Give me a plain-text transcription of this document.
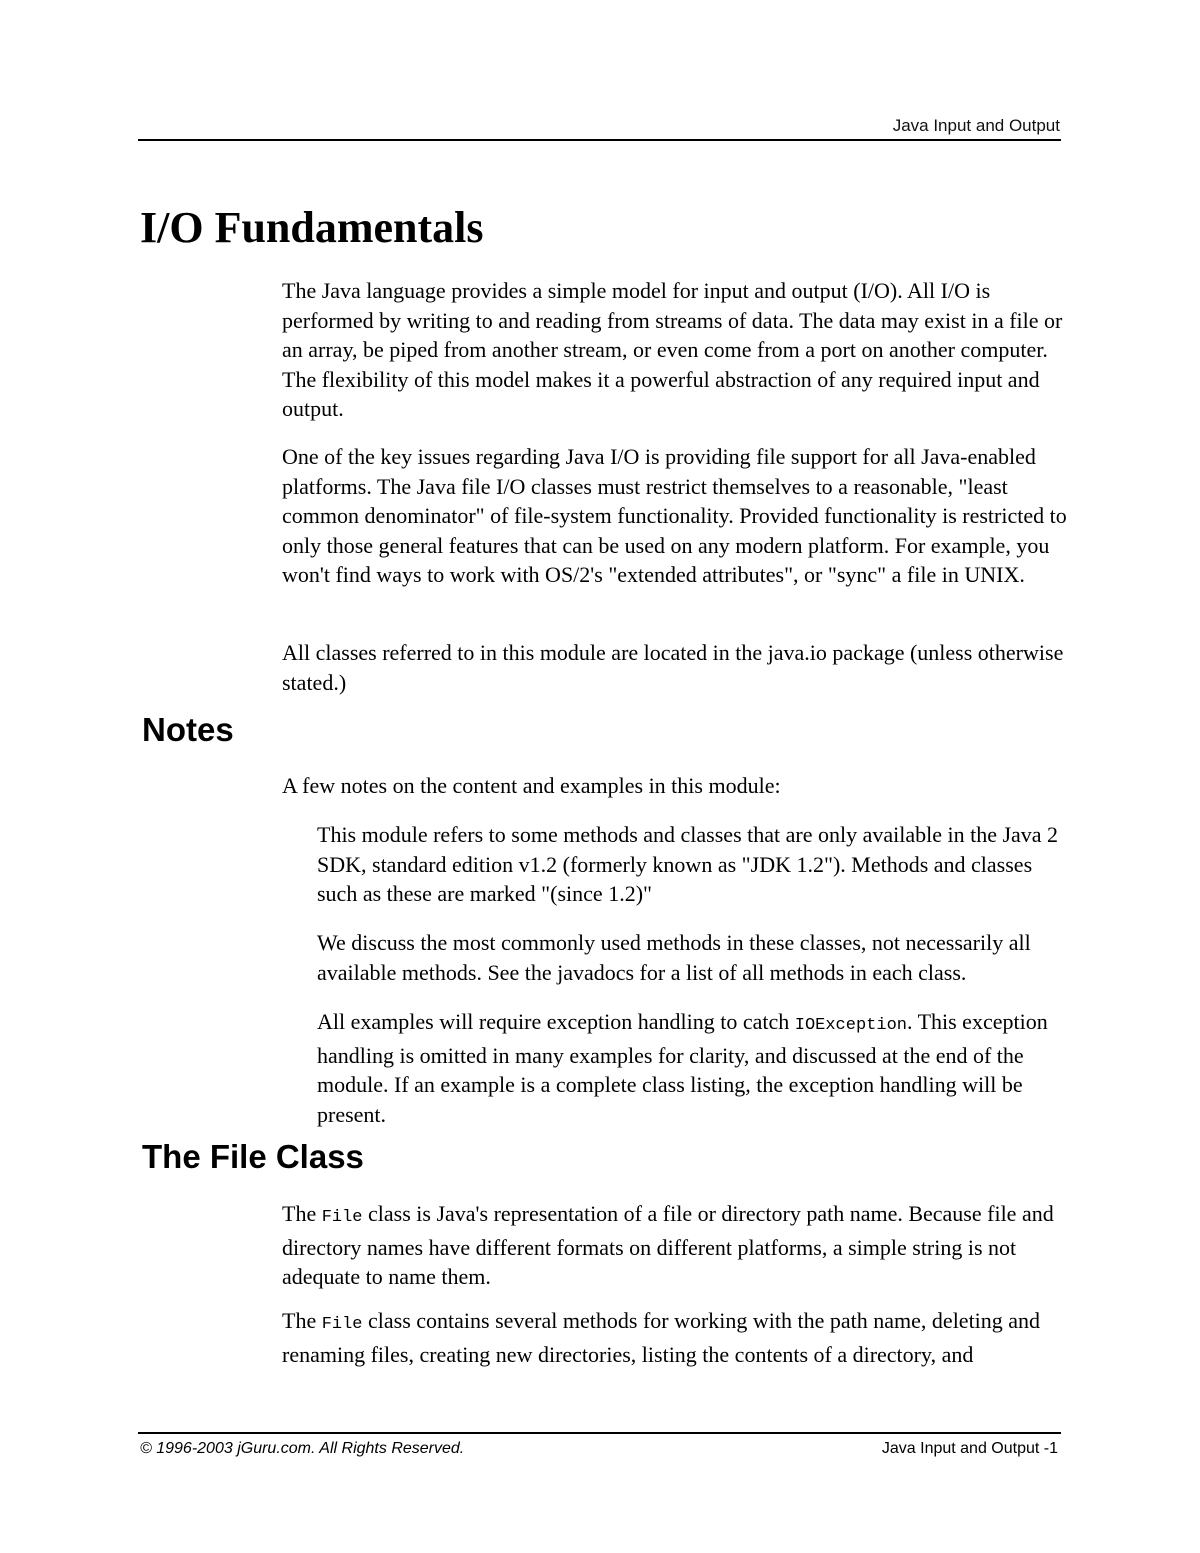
Java Input and Output
I/O Fundamentals

The Java language provides a simple model for input and output (I/O). All I/O is performed by writing to and reading from streams of data. The data may exist in a file or an array, be piped from another stream, or even come from a port on another computer. The flexibility of this model makes it a powerful abstraction of any required input and output.

One of the key issues regarding Java I/O is providing file support for all Java-enabled platforms. The Java file I/O classes must restrict themselves to a reasonable, "least common denominator" of file-system functionality. Provided functionality is restricted to only those general features that can be used on any modern platform. For example, you won't find ways to work with OS/2's "extended attributes", or "sync" a file in UNIX.

All classes referred to in this module are located in the java.io package (unless otherwise stated.)

Notes

A few notes on the content and examples in this module:

This module refers to some methods and classes that are only available in the Java 2 SDK, standard edition v1.2 (formerly known as "JDK 1.2"). Methods and classes such as these are marked "(since 1.2)"

We discuss the most commonly used methods in these classes, not necessarily all available methods. See the javadocs for a list of all methods in each class.

All examples will require exception handling to catch IOException. This exception handling is omitted in many examples for clarity, and discussed at the end of the module. If an example is a complete class listing, the exception handling will be present.

The File Class

The File class is Java's representation of a file or directory path name. Because file and directory names have different formats on different platforms, a simple string is not adequate to name them.

The File class contains several methods for working with the path name, deleting and renaming files, creating new directories, listing the contents of a directory, and

© 1996-2003 jGuru.com. All Rights Reserved.	Java Input and Output -1
